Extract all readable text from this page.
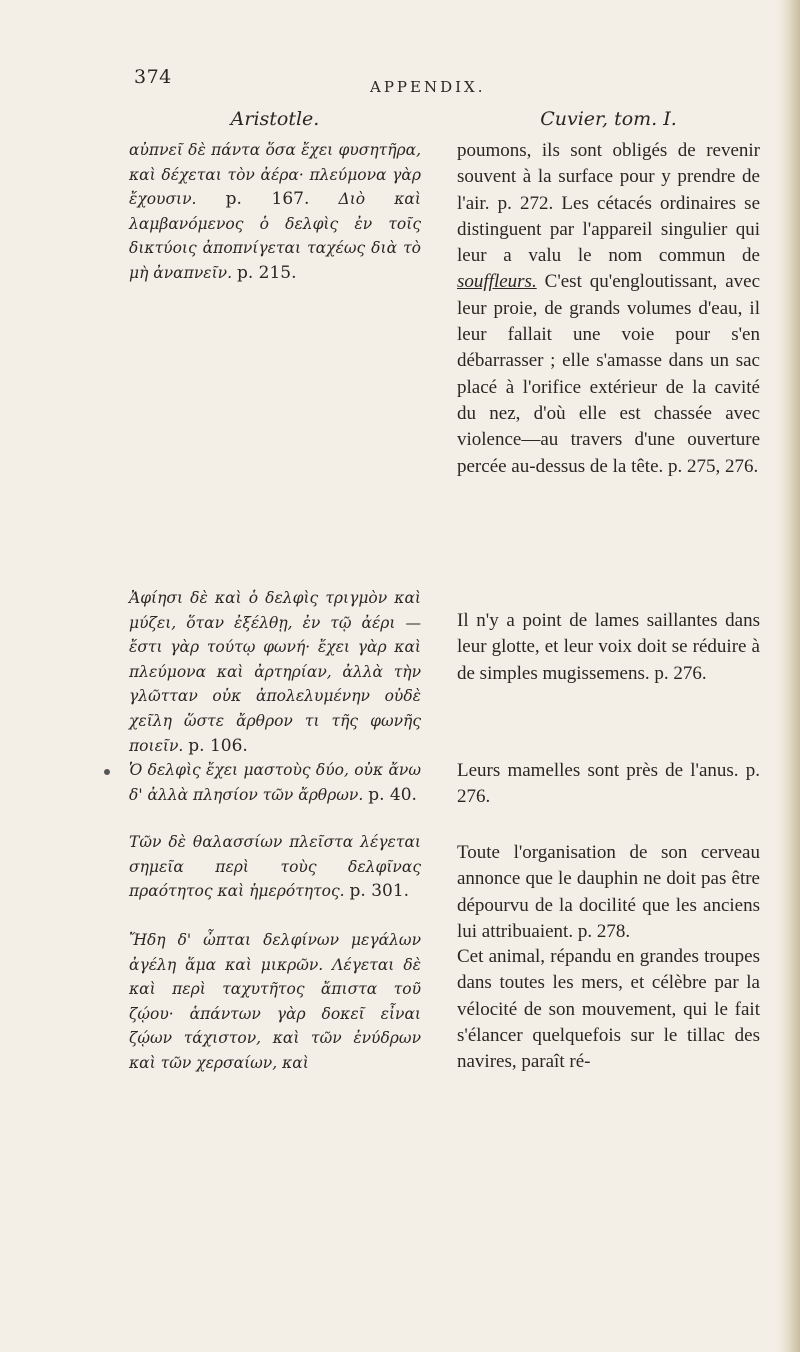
374	APPENDIX.
Aristotle.
αὐπνεῖ δὲ πάντα ὅσα ἔχει φυσητῆρα, καὶ δέχεται τὸν ἀέρα· πλεύμονα γὰρ ἔχουσιν. p. 167. Διὸ καὶ λαμβανόμενος ὁ δελφὶς ἐν τοῖς δικτύοις ἀποπνίγεται ταχέως διὰ τὸ μὴ ἀναπνεῖν. p. 215.
Ἀφίησι δὲ καὶ ὁ δελφὶς τριγμὸν καὶ μύζει, ὅταν ἐξέλθῃ, ἐν τῷ ἀέρι —ἔστι γὰρ τούτῳ φωνή· ἔχει γὰρ καὶ πλεύμονα καὶ ἀρτηρίαν, ἀλλὰ τὴν γλῶτταν οὐκ ἀπολελυμένην οὐδὲ χεῖλη ὥστε ἄρθρον τι τῆς φωνῆς ποιεῖν. p. 106.
Ὁ δελφὶς ἔχει μαστοὺς δύο, οὐκ ἄνω δ' ἀλλὰ πλησίον τῶν ἄρθρων. p. 40.
Τῶν δὲ θαλασσίων πλεῖστα λέγεται σημεῖα περὶ τοὺς δελφῖνας πραότητος καὶ ἡμερότητος. p. 301.
Ἤδη δ' ὦπται δελφίνων μεγάλων ἀγέλη ἅμα καὶ μικρῶν. Λέγεται δὲ καὶ περὶ ταχυτῆτος ἄπιστα τοῦ ζῴου· ἁπάντων γὰρ δοκεῖ εἶναι ζῴων τάχιστον, καὶ τῶν ἐνύδρων καὶ τῶν χερσαίων, καὶ
Cuvier, tom. I.
poumons, ils sont obligés de revenir souvent à la surface pour y prendre de l'air. p. 272. Les cétacés ordinaires se distinguent par l'appareil singulier qui leur a valu le nom commun de souffleurs. C'est qu'engloutissant, avec leur proie, de grands volumes d'eau, il leur fallait une voie pour s'en débarrasser ; elle s'amasse dans un sac placé à l'orifice extérieur de la cavité du nez, d'où elle est chassée avec violence—au travers d'une ouverture percée au-dessus de la tête. p. 275, 276.
Il n'y a point de lames saillantes dans leur glotte, et leur voix doit se réduire à de simples mugissemens. p. 276.
Leurs mamelles sont près de l'anus. p. 276.
Toute l'organisation de son cerveau annonce que le dauphin ne doit pas être dépourvu de la docilité que les anciens lui attribuaient. p. 278.
Cet animal, répandu en grandes troupes dans toutes les mers, et célèbre par la vélocité de son mouvement, qui le fait s'élancer quelquefois sur le tillac des navires, paraît ré-
